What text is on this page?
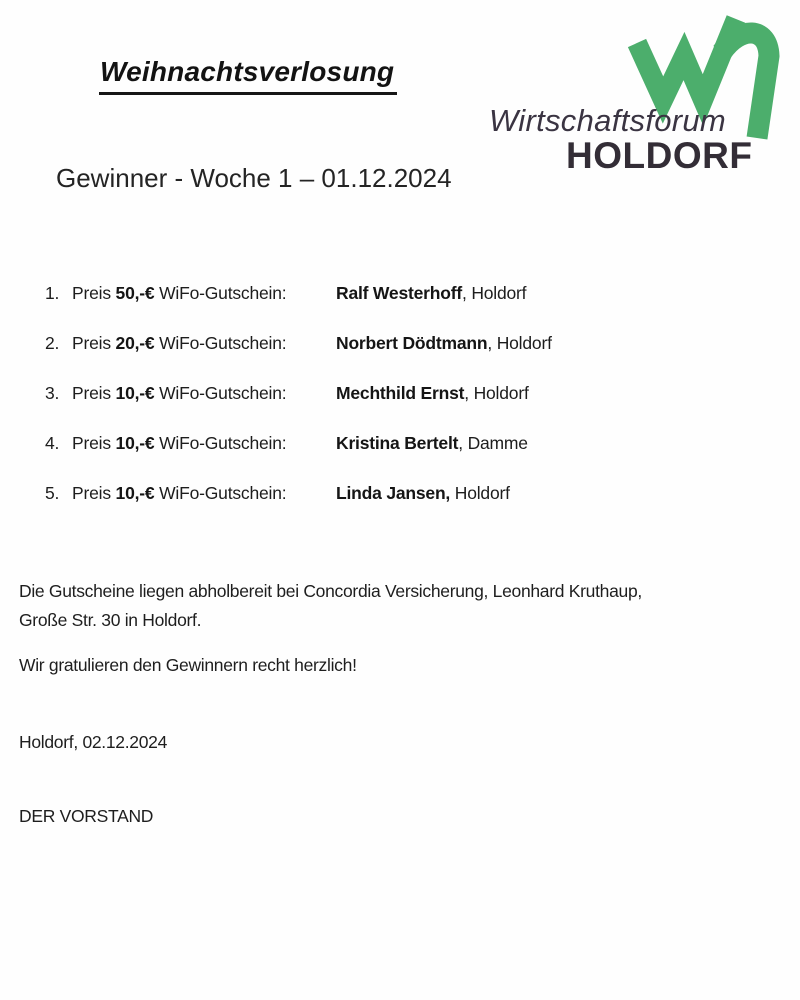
Weihnachtsverlosung
Wirtschaftsforum
HOLDORF
Gewinner - Woche 1 – 01.12.2024
1. Preis 50,-€ WiFo-Gutschein:	Ralf Westerhoff, Holdorf
2. Preis 20,-€ WiFo-Gutschein:	Norbert Dödtmann, Holdorf
3. Preis 10,-€ WiFo-Gutschein:	Mechthild Ernst, Holdorf
4. Preis 10,-€ WiFo-Gutschein:	Kristina Bertelt, Damme
5. Preis 10,-€ WiFo-Gutschein:	Linda Jansen, Holdorf

Die Gutscheine liegen abholbereit bei Concordia Versicherung, Leonhard Kruthaup,
Große Str. 30 in Holdorf.

Wir gratulieren den Gewinnern recht herzlich!

Holdorf, 02.12.2024

DER VORSTAND
